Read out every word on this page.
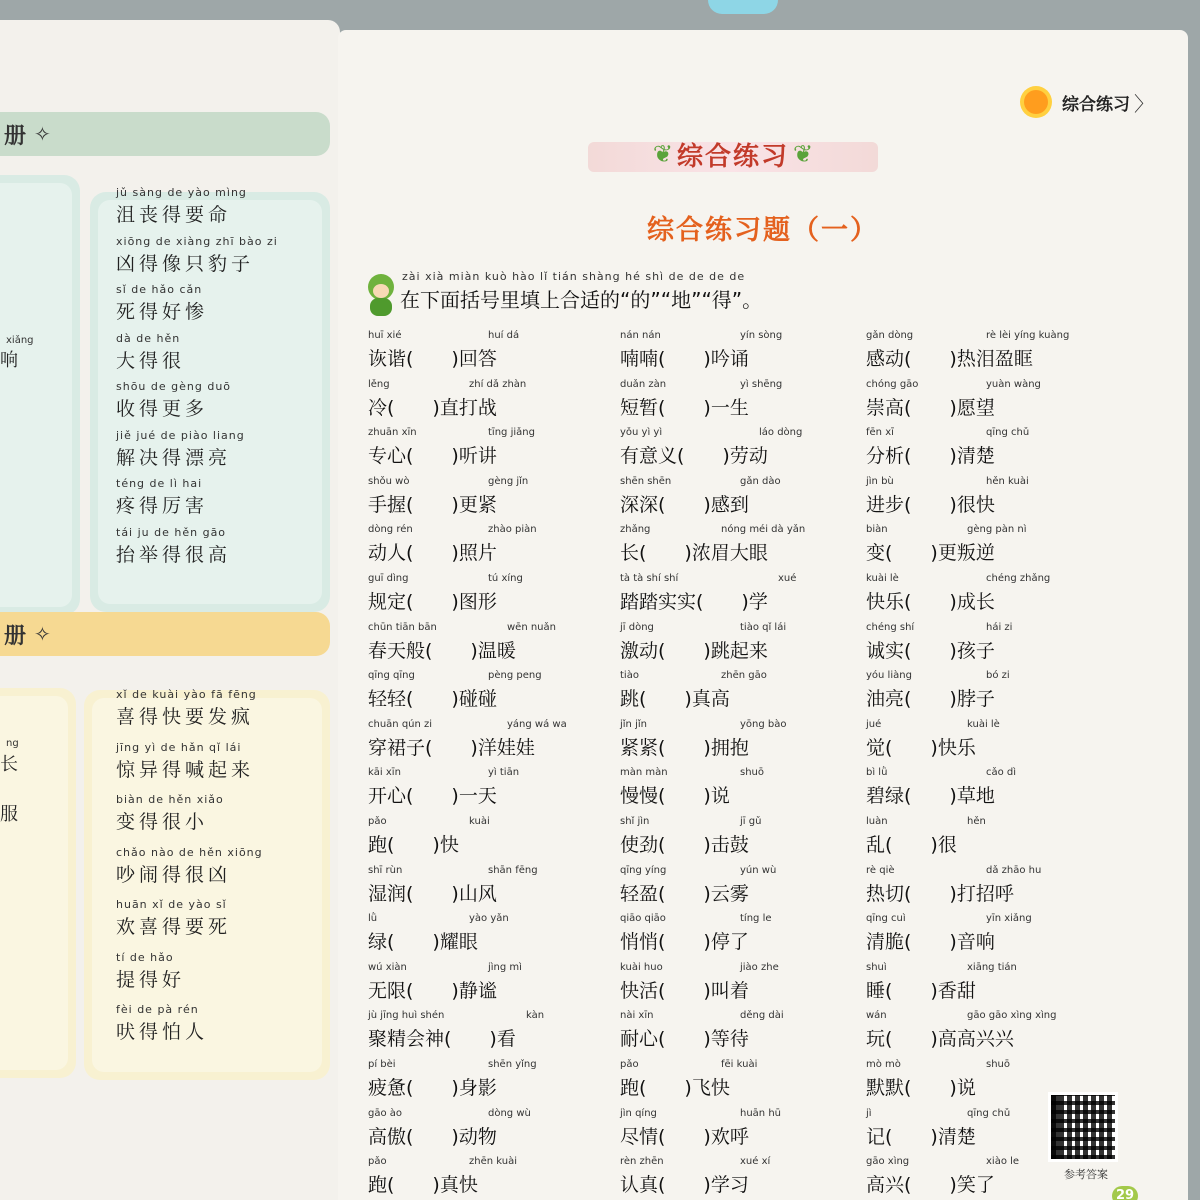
册 ✧
xiǎng
响
jǔ sàng de yào mìng
沮丧得要命
xiōng de xiàng zhī bào zi
凶得像只豹子
sǐ de hǎo cǎn
死得好惨
dà de hěn
大得很
shōu de gèng duō
收得更多
jiě jué de piào liang
解决得漂亮
téng de lì hai
疼得厉害
tái ju de hěn gāo
抬举得很高
册 ✧
ng
长
服
xǐ de kuài yào fā fēng
喜得快要发疯
jīng yì de hǎn qǐ lái
惊异得喊起来
biàn de hěn xiǎo
变得很小
chǎo nào de hěn xiōng
吵闹得很凶
huān xǐ de yào sǐ
欢喜得要死
tí de hǎo
提得好
fèi de pà rén
吠得怕人
综合练习 〉
❦ 综合练习 ❦
综合练习题（一）
zài xià miàn kuò hào lǐ tián shàng hé shì de de de de
在下面括号里填上合适的“的”“地”“得”。
huī xié	huí dá
诙谐(　　)回答
lěng	zhí dǎ zhàn
冷(　　)直打战
zhuān xīn	tīng jiǎng
专心(　　)听讲
shǒu wò	gèng jǐn
手握(　　)更紧
dòng rén	zhào piàn
动人(　　)照片
guī dìng	tú xíng
规定(　　)图形
chūn tiān bān	wēn nuǎn
春天般(　　)温暖
qīng qīng	pèng peng
轻轻(　　)碰碰
chuān qún zi	yáng wá wa
穿裙子(　　)洋娃娃
kāi xīn	yì tiān
开心(　　)一天
pǎo	kuài
跑(　　)快
shī rùn	shān fēng
湿润(　　)山风
lǜ	yào yǎn
绿(　　)耀眼
wú xiàn	jìng mì
无限(　　)静谧
jù jīng huì shén	kàn
聚精会神(　　)看
pí bèi	shēn yǐng
疲惫(　　)身影
gāo ào	dòng wù
高傲(　　)动物
pǎo	zhēn kuài
跑(　　)真快
nán nán	yín sòng
喃喃(　　)吟诵
duǎn zàn	yì shēng
短暂(　　)一生
yǒu yì yì	láo dòng
有意义(　　)劳动
shēn shēn	gǎn dào
深深(　　)感到
zhǎng	nóng méi dà yǎn
长(　　)浓眉大眼
tà tà shí shí	xué
踏踏实实(　　)学
jī dòng	tiào qǐ lái
激动(　　)跳起来
tiào	zhēn gāo
跳(　　)真高
jǐn jǐn	yōng bào
紧紧(　　)拥抱
màn màn	shuō
慢慢(　　)说
shǐ jìn	jī gǔ
使劲(　　)击鼓
qīng yíng	yún wù
轻盈(　　)云雾
qiāo qiāo	tíng le
悄悄(　　)停了
kuài huo	jiào zhe
快活(　　)叫着
nài xīn	děng dài
耐心(　　)等待
pǎo	fēi kuài
跑(　　)飞快
jìn qíng	huān hū
尽情(　　)欢呼
rèn zhēn	xué xí
认真(　　)学习
gǎn dòng	rè lèi yíng kuàng
感动(　　)热泪盈眶
chóng gāo	yuàn wàng
崇高(　　)愿望
fēn xī	qīng chǔ
分析(　　)清楚
jìn bù	hěn kuài
进步(　　)很快
biàn	gèng pàn nì
变(　　)更叛逆
kuài lè	chéng zhǎng
快乐(　　)成长
chéng shí	hái zi
诚实(　　)孩子
yóu liàng	bó zi
油亮(　　)脖子
jué	kuài lè
觉(　　)快乐
bì lǜ	cǎo dì
碧绿(　　)草地
luàn	hěn
乱(　　)很
rè qiè	dǎ zhāo hu
热切(　　)打招呼
qīng cuì	yīn xiǎng
清脆(　　)音响
shuì	xiāng tián
睡(　　)香甜
wán	gāo gāo xìng xìng
玩(　　)高高兴兴
mò mò	shuō
默默(　　)说
jì	qīng chǔ
记(　　)清楚
gāo xìng	xiào le
高兴(　　)笑了	参考答案
29
